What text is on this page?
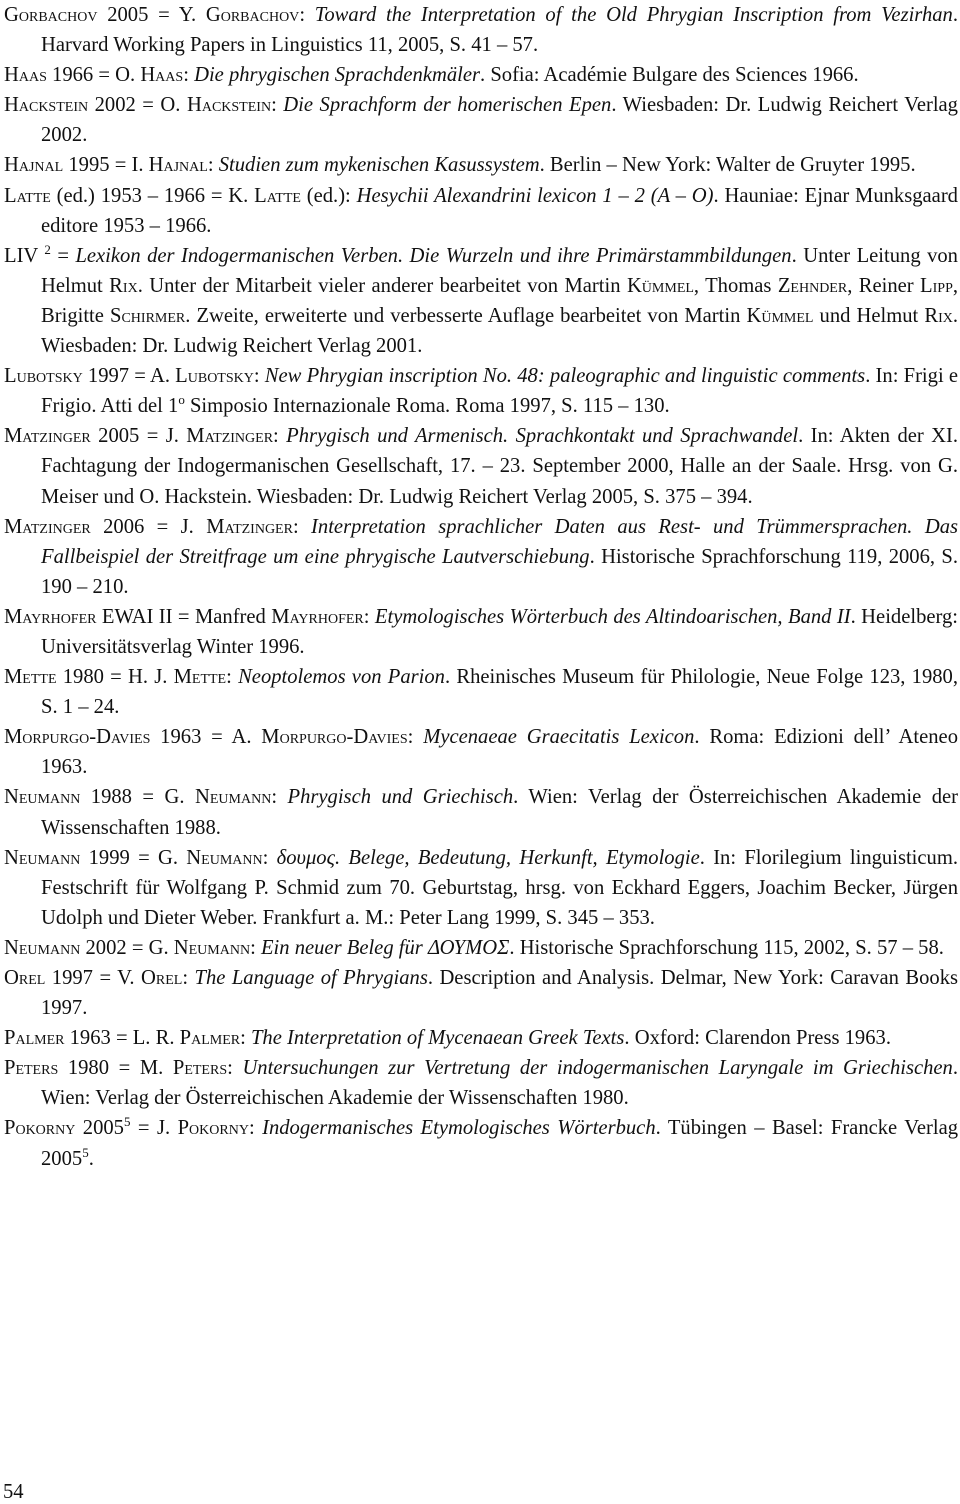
Gorbachov 2005 = Y. Gorbachov: Toward the Interpretation of the Old Phrygian Inscription from Vezirhan. Harvard Working Papers in Linguistics 11, 2005, S. 41 – 57.

Haas 1966 = O. Haas: Die phrygischen Sprachdenkmäler. Sofia: Académie Bulgare des Sciences 1966.

Hackstein 2002 = O. Hackstein: Die Sprachform der homerischen Epen. Wiesbaden: Dr. Ludwig Reichert Verlag 2002.

Hajnal 1995 = I. Hajnal: Studien zum mykenischen Kasussystem. Berlin – New York: Walter de Gruyter 1995.

Latte (ed.) 1953 – 1966 = K. Latte (ed.): Hesychii Alexandrini lexicon 1 – 2 (A – O). Hauniae: Ejnar Munksgaard editore 1953 – 1966.

LIV $^2$ = Lexikon der Indogermanischen Verben. Die Wurzeln und ihre Primärstammbildungen. Unter Leitung von Helmut Rix. Unter der Mitarbeit vieler anderer bearbeitet von Martin Kümmel, Thomas Zehnder, Reiner Lipp, Brigitte Schirmer. Zweite, erweiterte und verbesserte Auflage bearbeitet von Martin Kümmel und Helmut Rix. Wiesbaden: Dr. Ludwig Reichert Verlag 2001.

Lubotsky 1997 = A. Lubotsky: New Phrygian inscription No. 48: paleographic and linguistic comments. In: Frigi e Frigio. Atti del 1$^o$ Simposio Internazionale Roma. Roma 1997, S. 115 – 130.

Matzinger 2005 = J. Matzinger: Phrygisch und Armenisch. Sprachkontakt und Sprachwandel. In: Akten der XI. Fachtagung der Indogermanischen Gesellschaft, 17. – 23. September 2000, Halle an der Saale. Hrsg. von G. Meiser und O. Hackstein. Wiesbaden: Dr. Ludwig Reichert Verlag 2005, S. 375 – 394.

Matzinger 2006 = J. Matzinger: Interpretation sprachlicher Daten aus Rest- und Trümmersprachen. Das Fallbeispiel der Streitfrage um eine phrygische Lautverschiebung. Historische Sprachforschung 119, 2006, S. 190 – 210.

Mayrhofer EWAI II = Manfred Mayrhofer: Etymologisches Wörterbuch des Altindoarischen, Band II. Heidelberg: Universitätsverlag Winter 1996.

Mette 1980 = H. J. Mette: Neoptolemos von Parion. Rheinisches Museum für Philologie, Neue Folge 123, 1980, S. 1 – 24.

Morpurgo-Davies 1963 = A. Morpurgo-Davies: Mycenaeae Graecitatis Lexicon. Roma: Edizioni dell’ Ateneo 1963.

Neumann 1988 = G. Neumann: Phrygisch und Griechisch. Wien: Verlag der Österreichischen Akademie der Wissenschaften 1988.

Neumann 1999 = G. Neumann: δουμος. Belege, Bedeutung, Herkunft, Etymologie. In: Florilegium linguisticum. Festschrift für Wolfgang P. Schmid zum 70. Geburtstag, hrsg. von Eckhard Eggers, Joachim Becker, Jürgen Udolph und Dieter Weber. Frankfurt a. M.: Peter Lang 1999, S. 345 – 353.

Neumann 2002 = G. Neumann: Ein neuer Beleg für ΔΟΥΜΟΣ. Historische Sprachforschung 115, 2002, S. 57 – 58.

Orel 1997 = V. Orel: The Language of Phrygians. Description and Analysis. Delmar, New York: Caravan Books 1997.

Palmer 1963 = L. R. Palmer: The Interpretation of Mycenaean Greek Texts. Oxford: Clarendon Press 1963.

Peters 1980 = M. Peters: Untersuchungen zur Vertretung der indogermanischen Laryngale im Griechischen. Wien: Verlag der Österreichischen Akademie der Wissenschaften 1980.

Pokorny $2005^5 = J$. Pokorny: Indogermanisches Etymologisches Wörterbuch. Tübingen – Basel: Francke Verlag 2005$^5$.

54
